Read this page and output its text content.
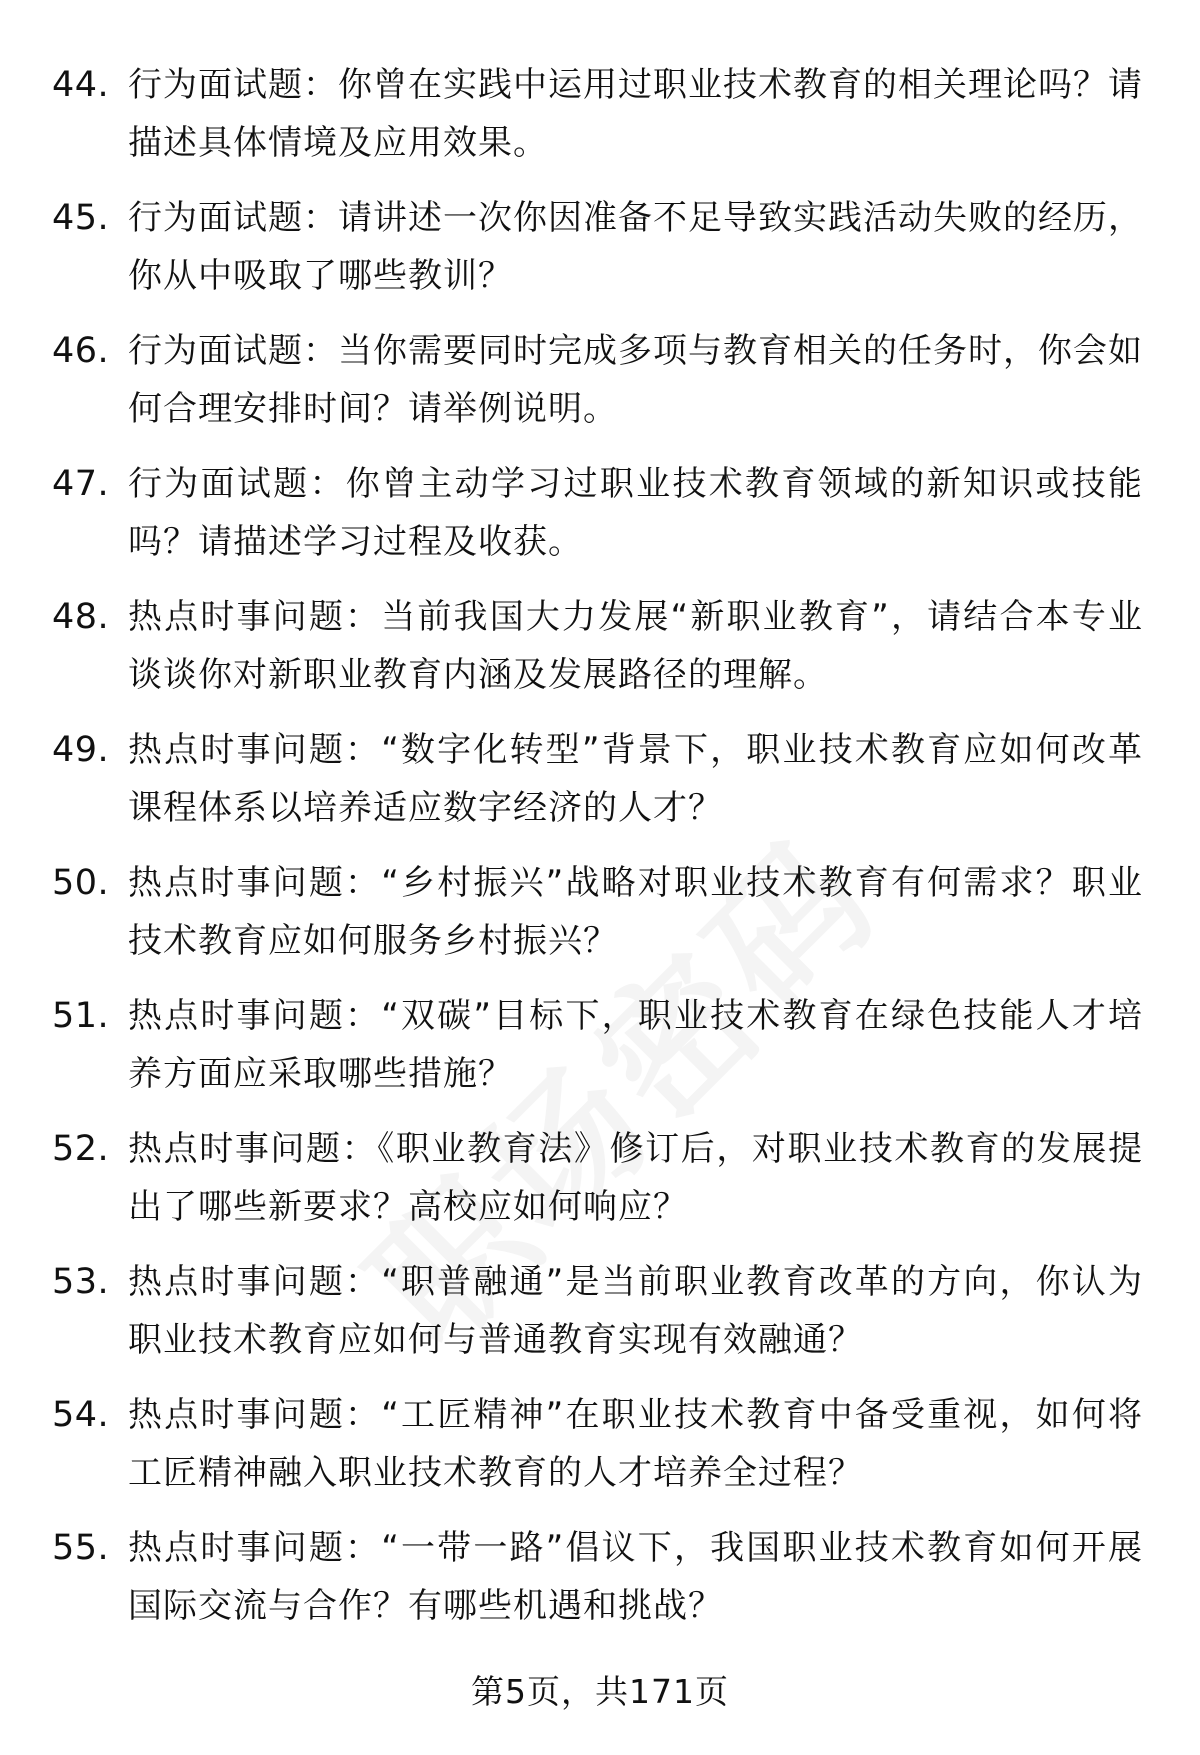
44. 行为面试题：你曾在实践中运用过职业技术教育的相关理论吗？请描述具体情境及应用效果。
45. 行为面试题：请讲述一次你因准备不足导致实践活动失败的经历，你从中吸取了哪些教训？
46. 行为面试题：当你需要同时完成多项与教育相关的任务时，你会如何合理安排时间？请举例说明。
47. 行为面试题：你曾主动学习过职业技术教育领域的新知识或技能吗？请描述学习过程及收获。
48. 热点时事问题：当前我国大力发展“新职业教育”，请结合本专业谈谈你对新职业教育内涵及发展路径的理解。
49. 热点时事问题：“数字化转型”背景下，职业技术教育应如何改革课程体系以培养适应数字经济的人才？
50. 热点时事问题：“乡村振兴”战略对职业技术教育有何需求？职业技术教育应如何服务乡村振兴？
51. 热点时事问题：“双碳”目标下，职业技术教育在绿色技能人才培养方面应采取哪些措施？
52. 热点时事问题：《职业教育法》修订后，对职业技术教育的发展提出了哪些新要求？高校应如何响应？
53. 热点时事问题：“职普融通”是当前职业教育改革的方向，你认为职业技术教育应如何与普通教育实现有效融通？
54. 热点时事问题：“工匠精神”在职业技术教育中备受重视，如何将工匠精神融入职业技术教育的人才培养全过程？
55. 热点时事问题：“一带一路”倡议下，我国职业技术教育如何开展国际交流与合作？有哪些机遇和挑战？
第5页，共171页
